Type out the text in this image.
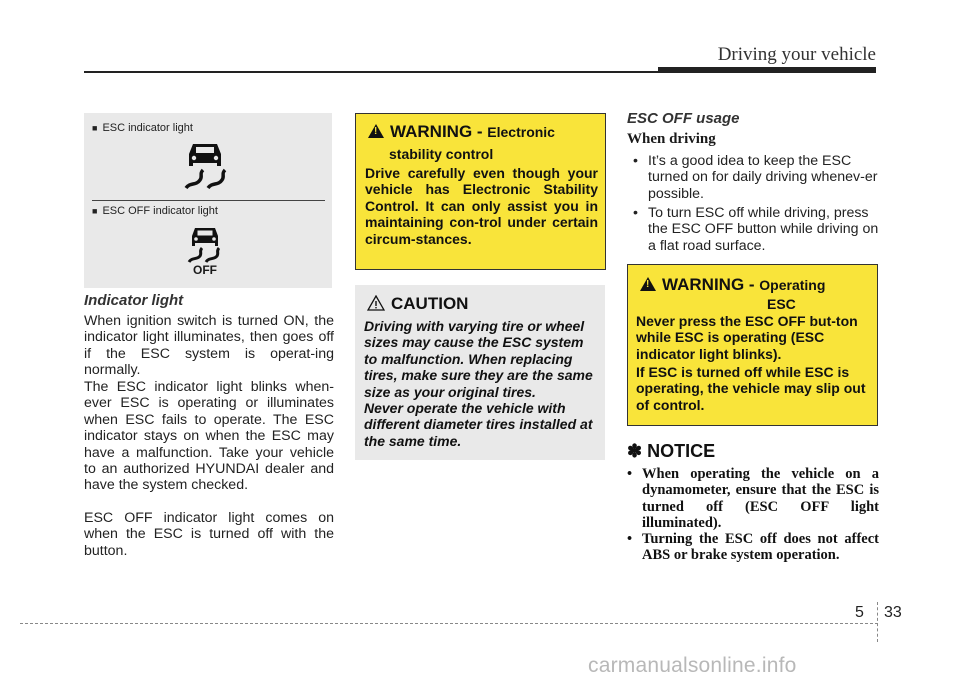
Driving your vehicle
■ ESC indicator light
■ ESC OFF indicator light
OFF
Indicator light
When ignition switch is turned ON, the indicator light illuminates, then goes off if the ESC system is operat-ing normally.
The ESC indicator light blinks when-ever ESC is operating or illuminates when ESC fails to operate. The ESC indicator stays on when the ESC may have a malfunction. Take your vehicle to an authorized HYUNDAI dealer and have the system checked.
ESC OFF indicator light comes on when the ESC is turned off with the button.
!WARNING - Electronic
stability control
Drive carefully even though your vehicle has Electronic Stability Control. It can only assist you in maintaining con-trol under certain circum-stances.
CAUTION
Driving with varying tire or wheel sizes may cause the ESC system to malfunction. When replacing tires, make sure they are the same size as your original tires.
Never operate the vehicle with different diameter tires installed at the same time.
ESC OFF usage
When driving
• It’s a good idea to keep the ESC turned on for daily driving whenev-er possible.
• To turn ESC off while driving, press the ESC OFF button while driving on a flat road surface.
!WARNING - Operating
ESC
Never press the ESC OFF but-ton while ESC is operating (ESC indicator light blinks).
If ESC is turned off while ESC is operating, the vehicle may slip out of control.
✽ NOTICE
• When operating the vehicle on a dynamometer, ensure that the ESC is turned off (ESC OFF light illuminated).
• Turning the ESC off does not affect ABS or brake system operation.
5 33
carmanualsonline.info
